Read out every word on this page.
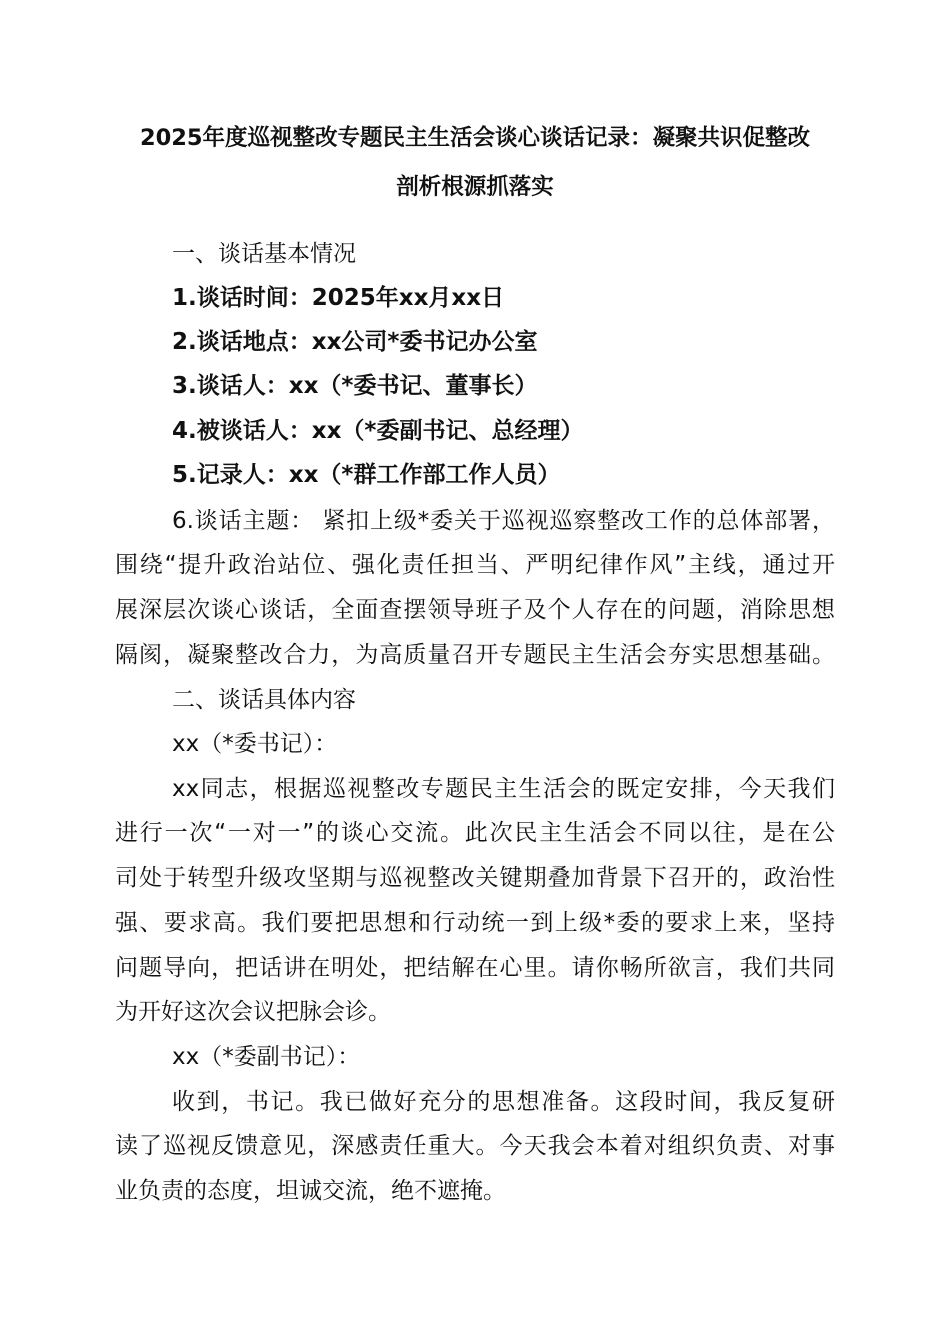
2025年度巡视整改专题民主生活会谈心谈话记录：凝聚共识促整改
剖析根源抓落实
一、谈话基本情况
1.谈话时间：2025年xx月xx日
2.谈话地点：xx公司*委书记办公室
3.谈话人：xx（*委书记、董事长）
4.被谈话人：xx（*委副书记、总经理）
5.记录人：xx（*群工作部工作人员）
6.谈话主题： 紧扣上级*委关于巡视巡察整改工作的总体部署，
围绕“提升政治站位、强化责任担当、严明纪律作风”主线，通过开
展深层次谈心谈话，全面查摆领导班子及个人存在的问题，消除思想
隔阂，凝聚整改合力，为高质量召开专题民主生活会夯实思想基础。
二、谈话具体内容
xx（*委书记）：
xx同志，根据巡视整改专题民主生活会的既定安排，今天我们
进行一次“一对一”的谈心交流。此次民主生活会不同以往，是在公
司处于转型升级攻坚期与巡视整改关键期叠加背景下召开的，政治性
强、要求高。我们要把思想和行动统一到上级*委的要求上来，坚持
问题导向，把话讲在明处，把结解在心里。请你畅所欲言，我们共同
为开好这次会议把脉会诊。
xx（*委副书记）：
收到，书记。我已做好充分的思想准备。这段时间，我反复研
读了巡视反馈意见，深感责任重大。今天我会本着对组织负责、对事
业负责的态度，坦诚交流，绝不遮掩。
